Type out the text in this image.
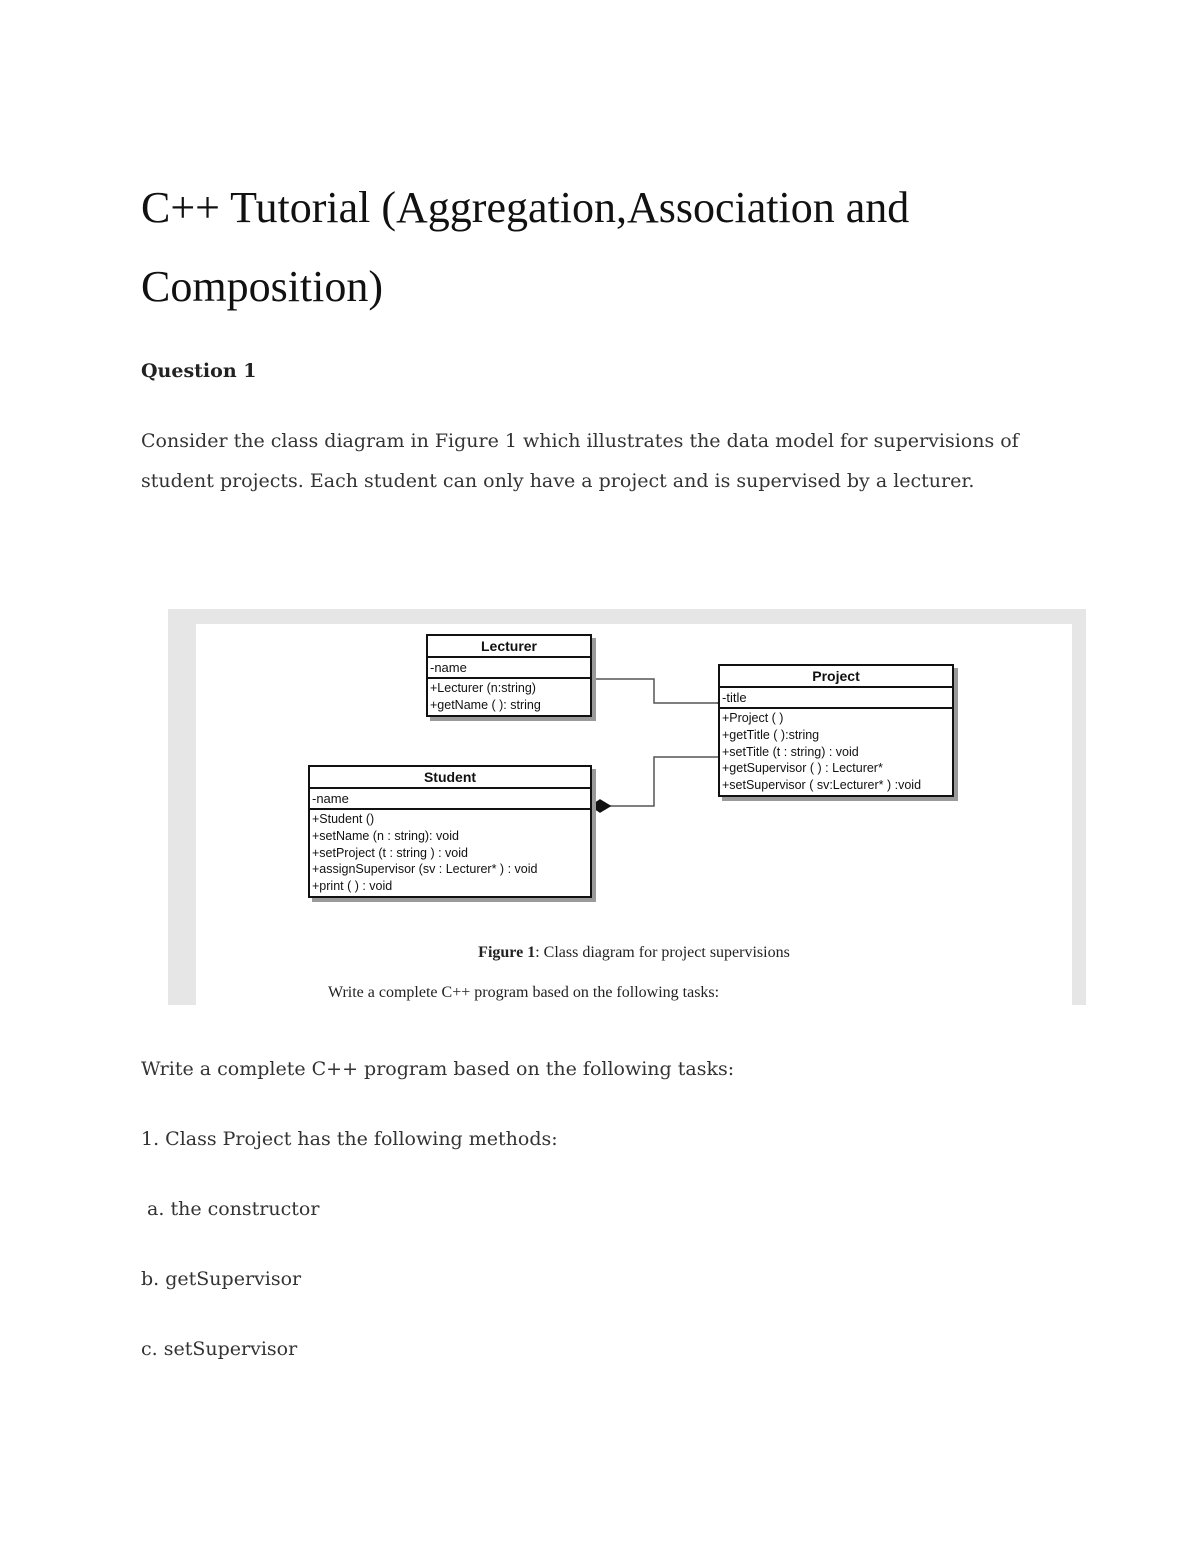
C++ Tutorial (Aggregation,Association and Composition)
Question 1

Consider the class diagram in Figure 1 which illustrates the data model for supervisions of student projects. Each student can only have a project and is supervised by a lecturer.

Lecturer
-name
+Lecturer (n:string)
+getName ( ): string
Project
-title
+Project ( )
+getTitle ( ):string
+setTitle (t : string) : void
+getSupervisor ( ) : Lecturer*
+setSupervisor ( sv:Lecturer* ) :void
Student
-name
+Student ()
+setName (n : string): void
+setProject (t : string ) : void
+assignSupervisor (sv : Lecturer* ) : void
+print ( ) : void
Figure 1: Class diagram for project supervisions
Write a complete C++ program based on the following tasks:

Write a complete C++ program based on the following tasks:

1. Class Project has the following methods:

a. the constructor

b. getSupervisor

c. setSupervisor
